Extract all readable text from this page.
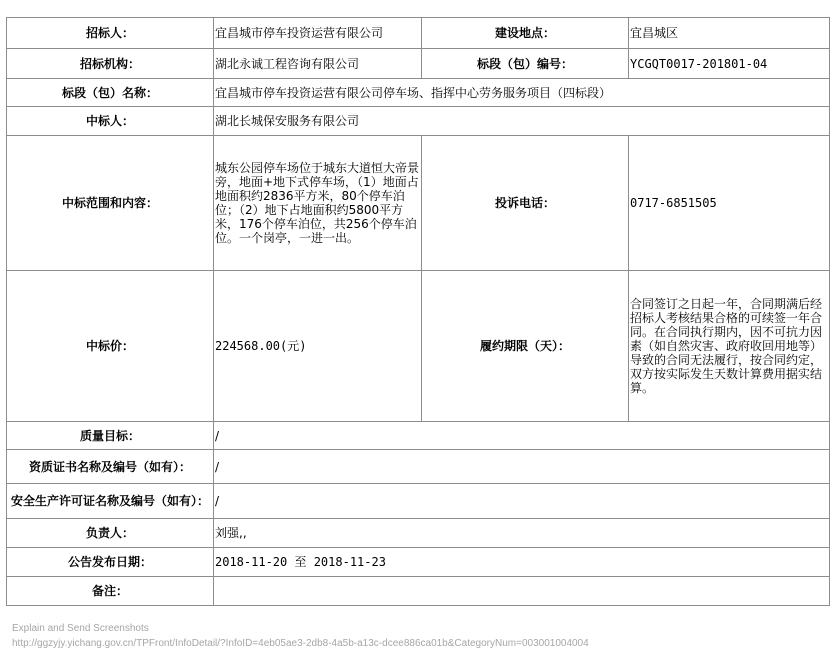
招标人：	宜昌城市停车投资运营有限公司	建设地点：	宜昌城区
招标机构：	湖北永诚工程咨询有限公司	标段（包）编号：	YCGQT0017-201801-04
标段（包）名称：	宜昌城市停车投资运营有限公司停车场、指挥中心劳务服务项目（四标段）		
中标人：	湖北长城保安服务有限公司		
中标范围和内容：	城东公园停车场位于城东大道恒大帝景旁，地面+地下式停车场，（1）地面占地面积约2836平方米，80个停车泊位；（2）地下占地面积约5800平方米，176个停车泊位，共256个停车泊位。一个岗亭，一进一出。	投诉电话：	0717-6851505
中标价：	224568.00(元)	履约期限（天）：	合同签订之日起一年，合同期满后经招标人考核结果合格的可续签一年合同。在合同执行期内，因不可抗力因素（如自然灾害、政府收回用地等）导致的合同无法履行，按合同约定，双方按实际发生天数计算费用据实结算。
质量目标：	/		
资质证书名称及编号（如有）：	/		
安全生产许可证名称及编号（如有）：	/		
负责人：	刘强,,		
公告发布日期：	2018-11-20 至 2018-11-23		
备注：			
Explain and Send Screenshots
http://ggzyjy.yichang.gov.cn/TPFront/InfoDetail/?InfoID=4eb05ae3-2db8-4a5b-a13c-dcee886ca01b&CategoryNum=003001004004
